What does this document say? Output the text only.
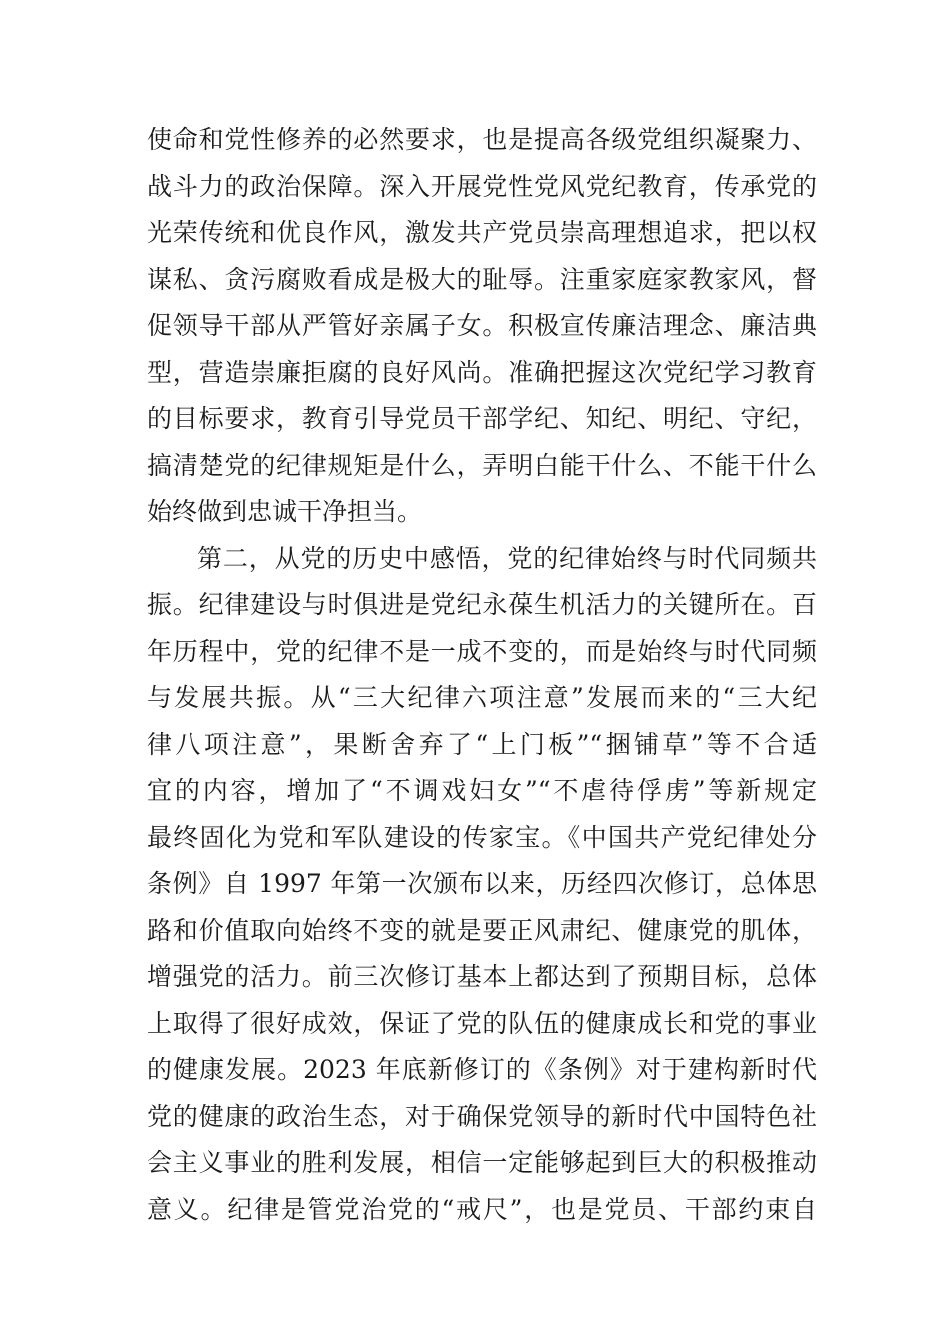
使命和党性修养的必然要求，也是提高各级党组织凝聚力、
战斗力的政治保障。深入开展党性党风党纪教育，传承党的
光荣传统和优良作风，激发共产党员崇高理想追求，把以权
谋私、贪污腐败看成是极大的耻辱。注重家庭家教家风，督
促领导干部从严管好亲属子女。积极宣传廉洁理念、廉洁典
型，营造崇廉拒腐的良好风尚。准确把握这次党纪学习教育
的目标要求，教育引导党员干部学纪、知纪、明纪、守纪，
搞清楚党的纪律规矩是什么，弄明白能干什么、不能干什么
始终做到忠诚干净担当。
第二，从党的历史中感悟，党的纪律始终与时代同频共
振。纪律建设与时俱进是党纪永葆生机活力的关键所在。百
年历程中，党的纪律不是一成不变的，而是始终与时代同频
与发展共振。从“三大纪律六项注意”发展而来的“三大纪
律八项注意”，果断舍弃了“上门板”“捆铺草”等不合适
宜的内容，增加了“不调戏妇女”“不虐待俘虏”等新规定
最终固化为党和军队建设的传家宝。《中国共产党纪律处分
条例》自 1997 年第一次颁布以来，历经四次修订，总体思
路和价值取向始终不变的就是要正风肃纪、健康党的肌体，
增强党的活力。前三次修订基本上都达到了预期目标，总体
上取得了很好成效，保证了党的队伍的健康成长和党的事业
的健康发展。2023 年底新修订的《条例》对于建构新时代
党的健康的政治生态，对于确保党领导的新时代中国特色社
会主义事业的胜利发展，相信一定能够起到巨大的积极推动
意义。纪律是管党治党的“戒尺”，也是党员、干部约束自
